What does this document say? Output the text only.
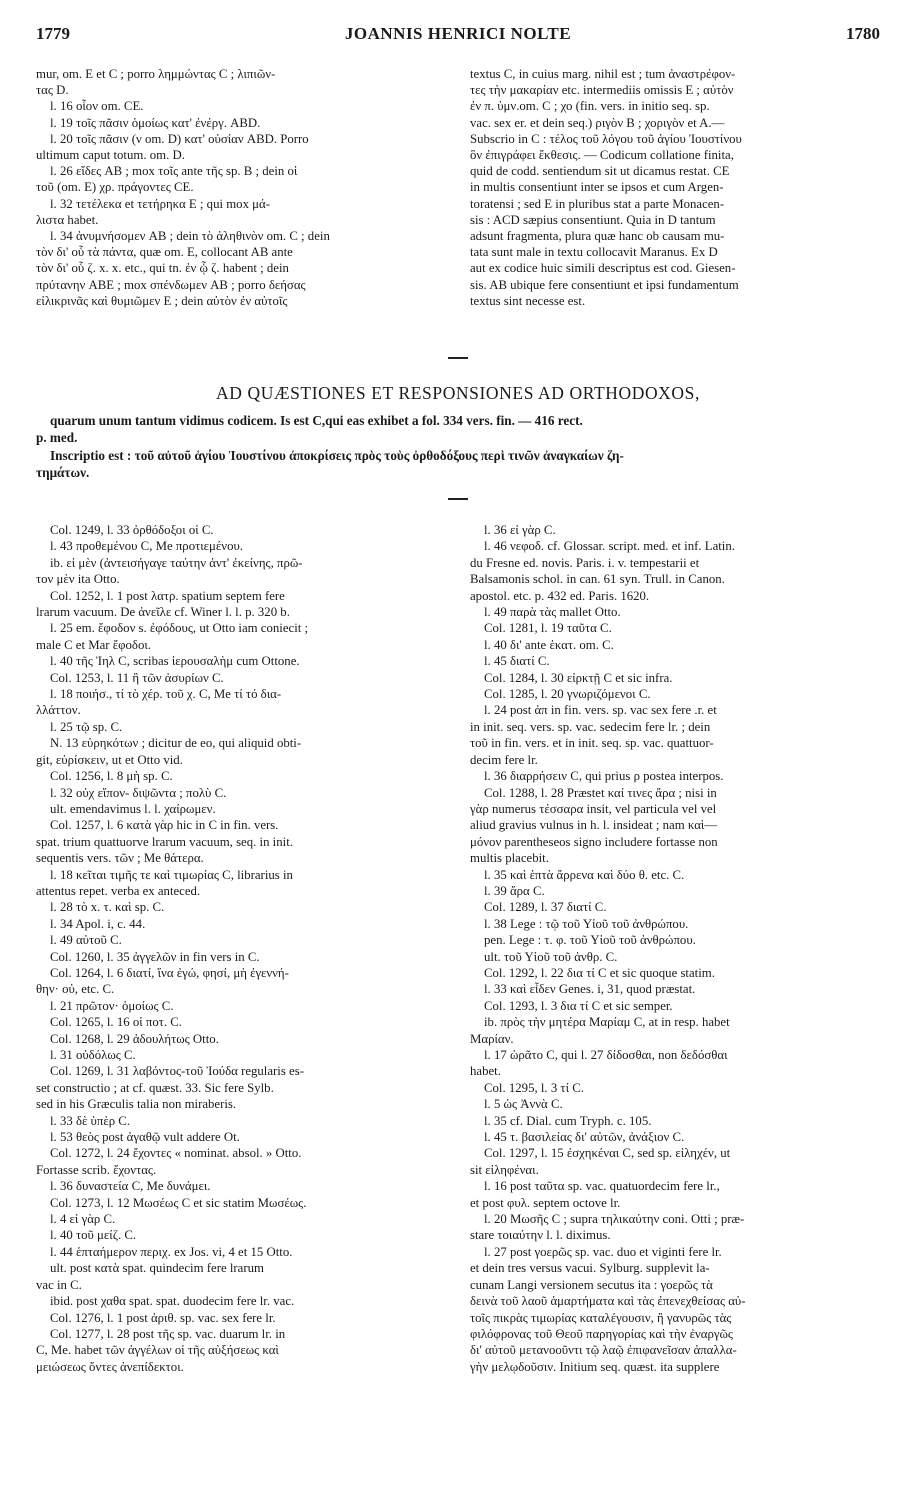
1779	JOANNIS HENRICI NOLTE	1780
mur, om. E et C ; porro λημμώντας C ; λιπιῶν-
τας D.
l. 16 οἷον om. CE.
l. 19 τοῖς πᾶσιν ὁμοίως κατ' ἐνέργ. ABD.
l. 20 τοῖς πᾶσιν (ν om. D) κατ' οὐσίαν ABD. Porro
ultimum caput totum. om. D.
l. 26 εἴδες AB ; mox τοῖς ante τῆς sp. B ; dein οἱ
τοῦ (om. E) χρ. πράγοντες CE.
l. 32 τετέλεκα et τετήρηκα E ; qui mox μά-
λιστα habet.
l. 34 ἀνυμνήσομεν AB ; dein τὸ ἀληθινὸν om. C ; dein
τὸν δι' οὗ τὰ πάντα, quæ om. E, collocant AB ante
τὸν δι' οὗ ζ. x. x. etc., qui tn. ἐν ᾧ ζ. habent ; dein
πρύτανην ABE ; mox σπένδωμεν AB ; porro δεήσας
εἰλικρινᾶς καὶ θυμιῶμεν E ; dein αὐτὸν ἐν αὐτοῖς
textus C, in cuius marg. nihil est ; tum ἀναστρέφον-
τες τὴν μακαρίαν etc. intermediis omissis E ; αὐτὸν
ἐν π. ὑμν.om. C ; χο (fin. vers. in initio seq. sp.
vac. sex er. et dein seq.) ριγὸν B ; χοριγὸν et A.—
Subscrio in C : τέλος τοῦ λόγου τοῦ ἁγίου Ἰουστίνου
ὃν ἐπιγράφει ἔκθεσις. — Codicum collatione finita,
quid de codd. sentiendum sit ut dicamus restat. CE
in multis consentiunt inter se ipsos et cum Argen-
toratensi ; sed E in pluribus stat a parte Monacen-
sis : ACD sæpius consentiunt. Quia in D tantum
adsunt fragmenta, plura quæ hanc ob causam mu-
tata sunt male in textu collocavit Maranus. Ex D
aut ex codice huic simili descriptus est cod. Giesen-
sis. AB ubique fere consentiunt et ipsi fundamentum
textus sint necesse est.
AD QUÆSTIONES ET RESPONSIONES AD ORTHODOXOS,
quarum unum tantum vidimus codicem. Is est C,qui eas exhibet a fol. 334 vers. fin. — 416 rect.
p. med.
Inscriptio est : τοῦ αὐτοῦ ἁγίου Ἰουστίνου ἀποκρίσεις πρὸς τοὺς ὀρθοδόξους περὶ τινῶν ἀναγκαίων ζη-
τημάτων.
Col. 1249, l. 33 ὀρθόδοξοι οἱ C.
l. 43 προθεμένου C, Me προτιεμένου.
ib. εἰ μὲν (ἀντεισήγαγε ταύτην ἀντ' ἐκείνης, πρῶ-
τον μὲν ita Otto.
Col. 1252, l. 1 post λατρ. spatium septem fere
lrarum vacuum. De ἀνεῖλε cf. Winer l. l. p. 320 b.
l. 25 em. ἔφοδον s. ἐφόδους, ut Otto iam coniecit ;
male C et Mar ἔφοδοι.
l. 40 τῆς Ἰηλ C, scribas ἱερουσαλὴμ cum Ottone.
Col. 1253, l. 11 ἢ τῶν ἀσυρίων C.
l. 18 ποιήσ., τί τὸ χέρ. τοῦ χ. C, Me τί τό δια-
λλάττον.
l. 25 τῷ sp. C.
N. 13 εὑρηκότων ; dicitur de eo, qui aliquid obti-
git, εὑρίσκειν, ut et Otto vid.
Col. 1256, l. 8 μὴ sp. C.
l. 32 οὐχ εἴπον- διψῶντα ; πολὺ C.
ult. emendavimus l. l. χαίρωμεν.
Col. 1257, l. 6 κατὰ γὰρ hic in C in fin. vers.
spat. trium quattuorve lrarum vacuum, seq. in init.
sequentis vers. τῶν ; Me θάτερα.
l. 18 κεῖται τιμῆς τε καὶ τιμωρίας C, librarius in
attentus repet. verba ex anteced.
l. 28 τὸ x. τ. καὶ sp. C.
l. 34 Apol. i, c. 44.
l. 49 αὐτοῦ C.
Col. 1260, l. 35 ἀγγελῶν in fin vers in C.
Col. 1264, l. 6 διατί, ἵνα ἐγώ, φησί, μὴ ἐγεννή-
θην· οὐ, etc. C.
l. 21 πρῶτον· ὁμοίως C.
Col. 1265, l. 16 οἱ ποτ. C.
Col. 1268, l. 29 ἀδουλήτως Otto.
l. 31 οὐδόλως C.
Col. 1269, l. 31 λαβόντος-τοῦ Ἰούδα regularis es-
set constructio ; at cf. quæst. 33. Sic fere Sylb.
sed in his Græculis talia non miraberis.
l. 33 δὲ ὑπὲρ C.
l. 53 θεὸς post ἀγαθῷ vult addere Ot.
Col. 1272, l. 24 ἔχοντες « nominat. absol. » Otto.
Fortasse scrib. ἔχοντας.
l. 36 δυναστεία C, Me δυνάμει.
Col. 1273, l. 12 Μωσέως C et sic statim Μωσέως.
l. 4 εἰ γὰρ C.
l. 40 τοῦ μείζ. C.
l. 44 ἑπταήμερον περιχ. ex Jos. vi, 4 et 15 Otto.
ult. post κατὰ spat. quindecim fere lrarum
vac in C.
ibid. post χαθα spat. spat. duodecim fere lr. vac.
Col. 1276, l. 1 post ἀριθ. sp. vac. sex fere lr.
Col. 1277, l. 28 post τῆς sp. vac. duarum lr. in
C, Me. habet τῶν ἀγγέλων οἱ τῆς αὐξήσεως καὶ
μειώσεως ὄντες ἀνεπίδεκτοι.
l. 36 εἰ γὰρ C.
l. 46 νεφοδ. cf. Glossar. script. med. et inf. Latin.
du Fresne ed. novis. Paris. i. v. tempestarii et
Balsamonis schol. in can. 61 syn. Trull. in Canon.
apostol. etc. p. 432 ed. Paris. 1620.
l. 49 παρὰ τὰς mallet Otto.
Col. 1281, l. 19 ταῦτα C.
l. 40 δι' ante ἑκατ. om. C.
l. 45 διατί C.
Col. 1284, l. 30 εἰρκτῇ C et sic infra.
Col. 1285, l. 20 γνωριζόμενοι C.
l. 24 post ἀπ in fin. vers. sp. vac sex fere .r. et
in init. seq. vers. sp. vac. sedecim fere lr. ; dein
τοῦ in fin. vers. et in init. seq. sp. vac. quattuor-
decim fere lr.
l. 36 διαρρήσειν C, qui prius ρ postea interpos.
Col. 1288, l. 28 Præstet καί τινες ἄρα ; nisi in
γὰρ numerus τέσσαρα insit, vel particula vel vel
aliud gravius vulnus in h. l. insideat ; nam καὶ—
μόνον parentheseos signo includere fortasse non
multis placebit.
l. 35 καὶ ἑπτὰ ἄρρενα καὶ δύο θ. etc. C.
l. 39 ἄρα C.
Col. 1289, l. 37 διατί C.
l. 38 Lege : τῷ τοῦ Υἱοῦ τοῦ ἀνθρώπου.
pen. Lege : τ. φ. τοῦ Υἱοῦ τοῦ ἀνθρώπου.
ult. τοῦ Υἱοῦ τοῦ ἀνθρ. C.
Col. 1292, l. 22 δια τί C et sic quoque statim.
l. 33 καὶ εἶδεν Genes. i, 31, quod præstat.
Col. 1293, l. 3 δια τί C et sic semper.
ib. πρὸς τὴν μητέρα Μαρίαμ C, at in resp. habet
Μαρίαν.
l. 17 ὡρᾶτο C, qui l. 27 δίδοσθαι, non δεδόσθαι
habet.
Col. 1295, l. 3 τί C.
l. 5 ὡς Ἀννὰ C.
l. 35 cf. Dial. cum Tryph. c. 105.
l. 45 τ. βασιλείας δι' αὐτῶν, ἀνάξιον C.
Col. 1297, l. 15 ἐσχηκέναι C, sed sp. εἰληχέν, ut
sit εἰληφέναι.
l. 16 post ταῦτα sp. vac. quatuordecim fere lr.,
et post φυλ. septem octove lr.
l. 20 Μωσῆς C ; supra τηλικαύτην coni. Otti ; præ-
stare τοιαύτην l. l. diximus.
l. 27 post γοερῶς sp. vac. duo et viginti fere lr.
et dein tres versus vacui. Sylburg. supplevit la-
cunam Langi versionem secutus ita : γοερῶς τὰ
δεινὰ τοῦ λαοῦ ἁμαρτήματα καὶ τὰς ἐπενεχθείσας αὐ-
τοῖς πικρὰς τιμωρίας καταλέγουσιν, ἢ γανυρῶς τὰς
φιλόφρονας τοῦ Θεοῦ παρηγορίας καὶ τὴν ἐναργῶς
δι' αὐτοῦ μετανοοῦντι τῷ λαῷ ἐπιφανεῖσαν ἀπαλλα-
γὴν μελῳδοῦσιν. Initium seq. quæst. ita supplere
